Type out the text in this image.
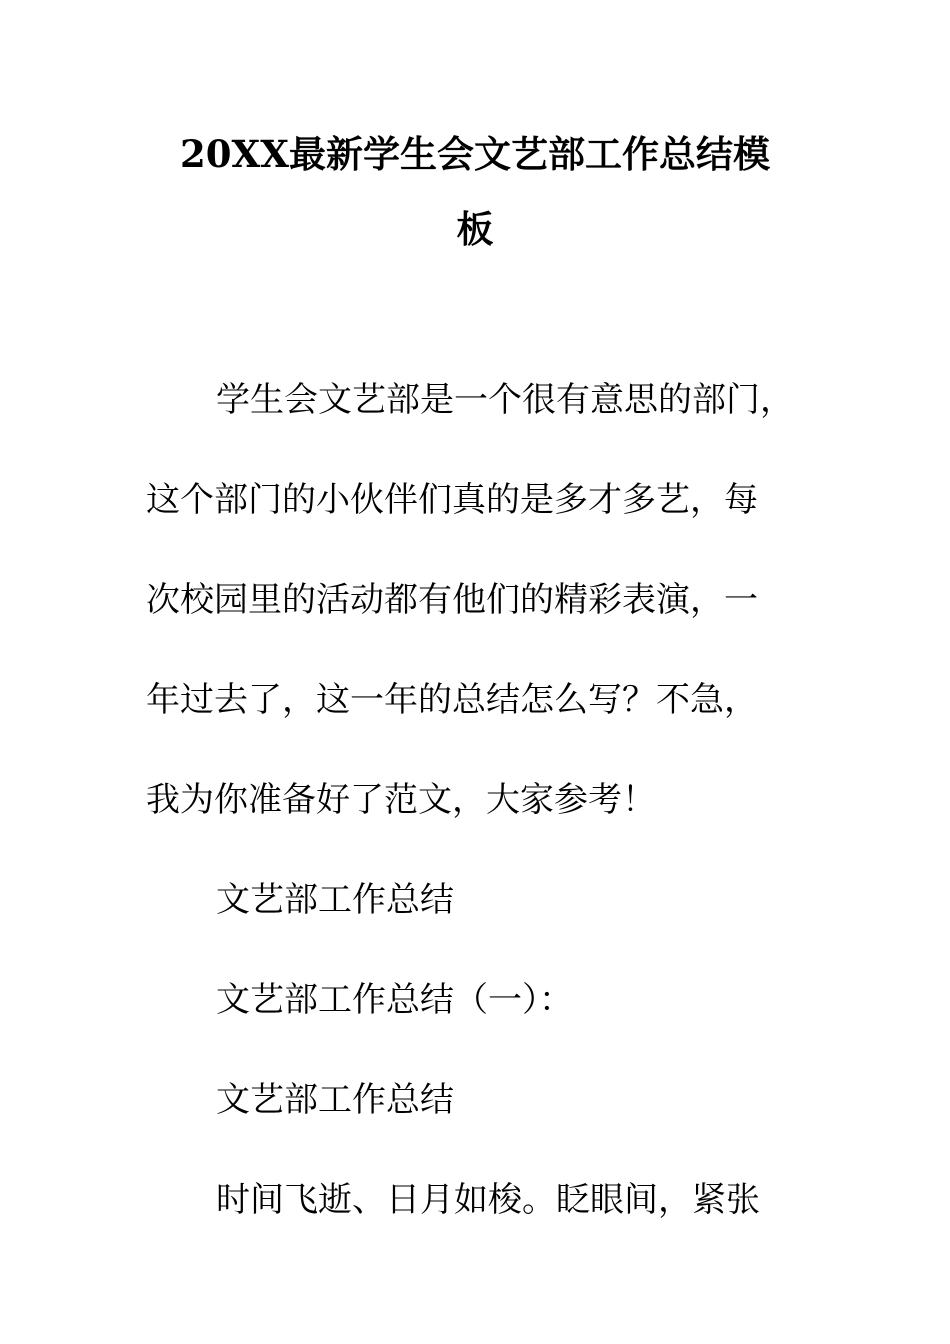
20XX最新学生会文艺部工作总结模
板
学生会文艺部是一个很有意思的部门，
这个部门的小伙伴们真的是多才多艺，每
次校园里的活动都有他们的精彩表演，一
年过去了，这一年的总结怎么写？不急，
我为你准备好了范文，大家参考！
文艺部工作总结
文艺部工作总结（一）：
文艺部工作总结
时间飞逝、日月如梭。眨眼间，紧张
